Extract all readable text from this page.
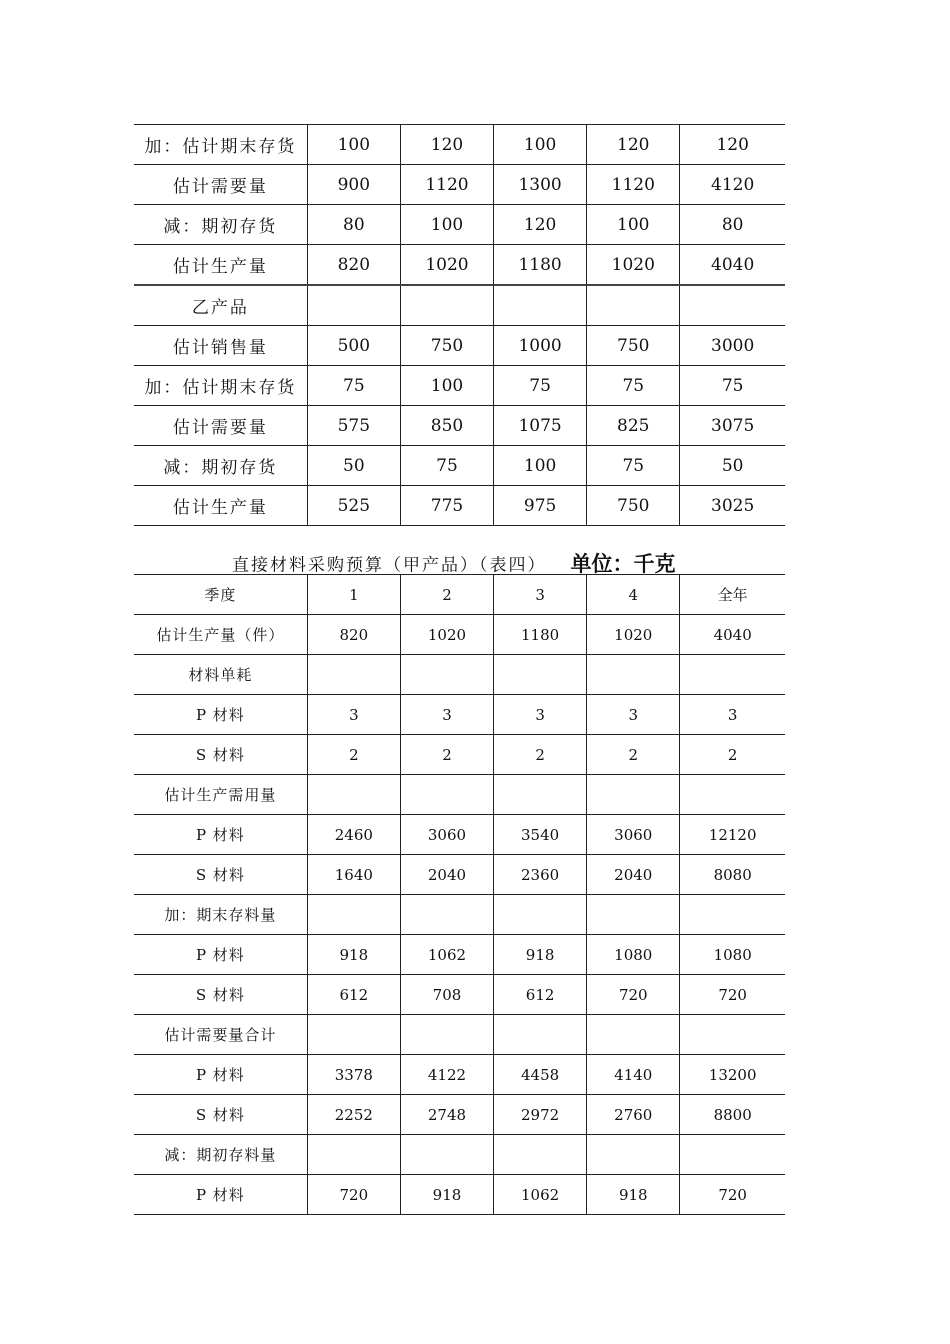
加：估计期末存货	100	120	100	120	120
估计需要量	900	1120	1300	1120	4120
减：期初存货	80	100	120	100	80
估计生产量	820	1020	1180	1020	4040
乙产品					
估计销售量	500	750	1000	750	3000
加：估计期末存货	75	100	75	75	75
估计需要量	575	850	1075	825	3075
减：期初存货	50	75	100	75	50
估计生产量	525	775	975	750	3025
直接材料采购预算（甲产品）（表四） 单位：千克
季度	1	2	3	4	全年
估计生产量（件）	820	1020	1180	1020	4040
材料单耗					
P 材料	3	3	3	3	3
S 材料	2	2	2	2	2
估计生产需用量					
P 材料	2460	3060	3540	3060	12120
S 材料	1640	2040	2360	2040	8080
加：期末存料量					
P 材料	918	1062	918	1080	1080
S 材料	612	708	612	720	720
估计需要量合计					
P 材料	3378	4122	4458	4140	13200
S 材料	2252	2748	2972	2760	8800
减：期初存料量					
P 材料	720	918	1062	918	720
